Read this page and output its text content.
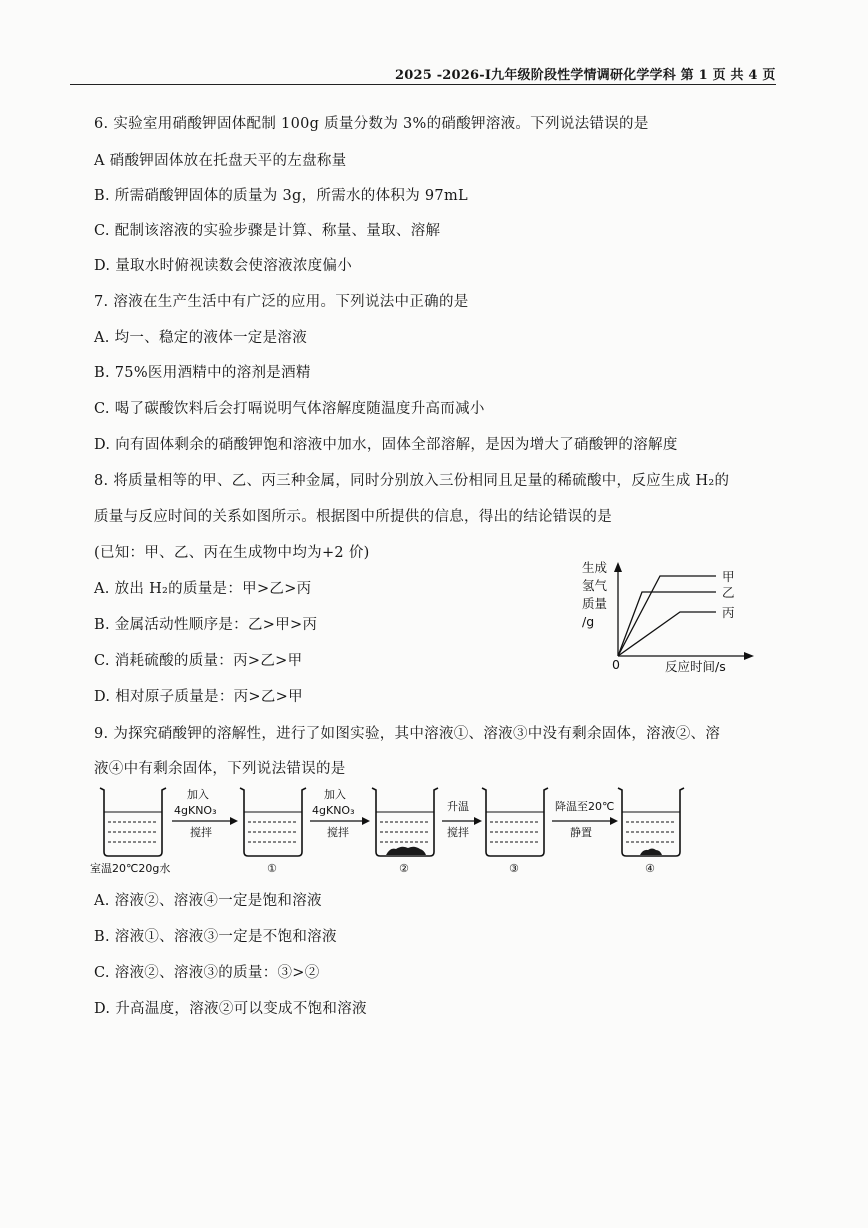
2025 -2026-Ⅰ九年级阶段性学情调研化学学科 第 1 页 共 4 页
6. 实验室用硝酸钾固体配制 100g 质量分数为 3%的硝酸钾溶液。下列说法错误的是
A 硝酸钾固体放在托盘天平的左盘称量
B. 所需硝酸钾固体的质量为 3g，所需水的体积为 97mL
C. 配制该溶液的实验步骤是计算、称量、量取、溶解
D. 量取水时俯视读数会使溶液浓度偏小
7. 溶液在生产生活中有广泛的应用。下列说法中正确的是
A. 均一、稳定的液体一定是溶液
B. 75%医用酒精中的溶剂是酒精
C. 喝了碳酸饮料后会打嗝说明气体溶解度随温度升高而减小
D. 向有固体剩余的硝酸钾饱和溶液中加水，固体全部溶解，是因为增大了硝酸钾的溶解度
8. 将质量相等的甲、乙、丙三种金属，同时分别放入三份相同且足量的稀硫酸中，反应生成 H₂的
质量与反应时间的关系如图所示。根据图中所提供的信息，得出的结论错误的是
(已知：甲、乙、丙在生成物中均为+2 价)
A. 放出 H₂的质量是：甲>乙>丙
B. 金属活动性顺序是：乙>甲>丙
C. 消耗硫酸的质量：丙>乙>甲
D. 相对原子质量是：丙>乙>甲
生成
氢气
质量
/g
0	反应时间/s
甲
乙
丙
9. 为探究硝酸钾的溶解性，进行了如图实验，其中溶液①、溶液③中没有剩余固体，溶液②、溶
液④中有剩余固体，下列说法错误的是
室温20℃20g水
加入
4gKNO₃
搅拌
①
加入
4gKNO₃
搅拌
②
升温
搅拌
③
降温至20℃
静置
④
A. 溶液②、溶液④一定是饱和溶液
B. 溶液①、溶液③一定是不饱和溶液
C. 溶液②、溶液③的质量：③>②
D. 升高温度，溶液②可以变成不饱和溶液
